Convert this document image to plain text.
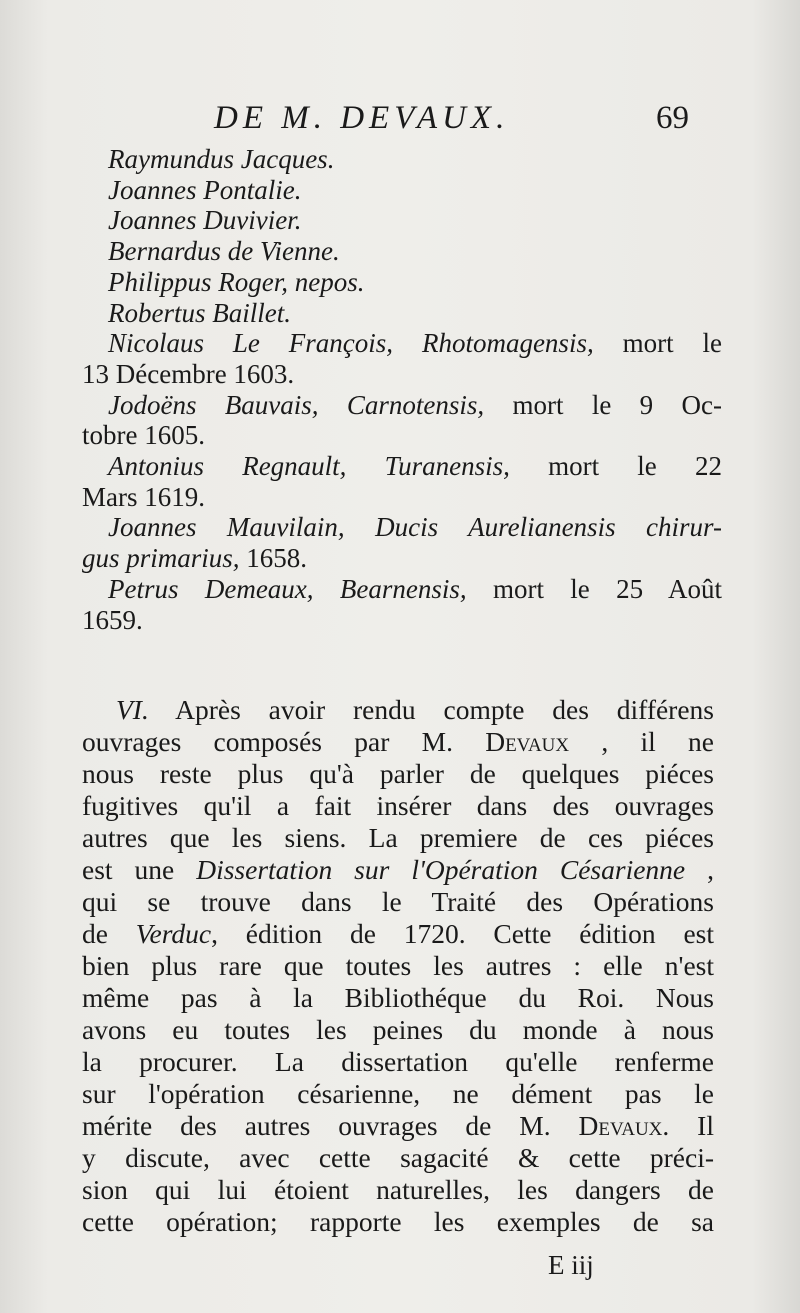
DE M. DEVAUX.	69
Raymundus Jacques.
Joannes Pontalie.
Joannes Duvivier.
Bernardus de Vienne.
Philippus Roger, nepos.
Robertus Baillet.
Nicolaus Le François, Rhotomagensis, mort le
13 Décembre 1603.
Jodoëns Bauvais, Carnotensis, mort le 9 Oc-
tobre 1605.
Antonius Regnault, Turanensis, mort le 22
Mars 1619.
Joannes Mauvilain, Ducis Aurelianensis chirur-
gus primarius, 1658.
Petrus Demeaux, Bearnensis, mort le 25 Août
1659.
VI. Après avoir rendu compte des différens
ouvrages composés par M. Devaux , il ne
nous reste plus qu'à parler de quelques piéces
fugitives qu'il a fait insérer dans des ouvrages
autres que les siens. La premiere de ces piéces
est une Dissertation sur l'Opération Césarienne ,
qui se trouve dans le Traité des Opérations
de Verduc, édition de 1720. Cette édition est
bien plus rare que toutes les autres : elle n'est
même pas à la Bibliothéque du Roi. Nous
avons eu toutes les peines du monde à nous
la procurer. La dissertation qu'elle renferme
sur l'opération césarienne, ne dément pas le
mérite des autres ouvrages de M. Devaux. Il
y discute, avec cette sagacité & cette préci-
sion qui lui étoient naturelles, les dangers de
cette opération; rapporte les exemples de sa
E iij
